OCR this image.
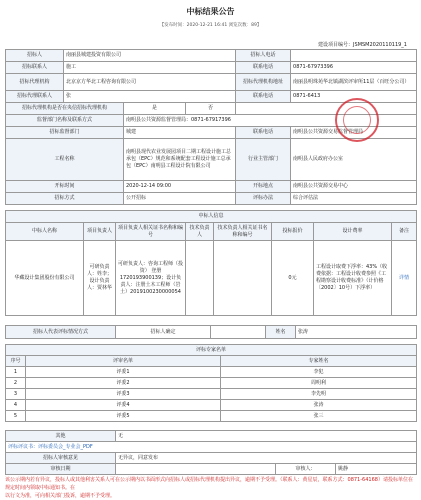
中标结果公告
【发布时间：2020-12-21 16:41 浏览次数：89】
建设项目编号：JSMSM2020110119_1
招标人	南丽县城建投资有限公司			招标人电话	
招标联系人	施工			联系电话	0871-67973396
招标代理机构	北京京方华北工程咨询有限公司			招标代理机构地址	南丽县明珠苑华北镇湖滨评审所11层（百旺分公司）
招标代理联系人	张			联系电话	0871-6413
招标代理机构是否在央信招标代理机构		是	否		
监督部门名称及联系方式		南明县公共资源监督管理局：0871-67917396			
招标监督部门		城建		联系电话	南明县公共资源交易监督管理局
工程名称		南明县现代农业发展园项目二期工程设计施工总承包（EPC）规范和系统配套工程设计施工总承包（EPC）南明县工程设计院有限公司		行业主管部门	南明县人民政府办公室
开标时间		2020-12-14 09:00		开标地点	南明县公共资源交易中心
招标方式		公开招标		评标办法	综合评估法
中标人信息							
中标人名称	项目负责人	项目负责人相关证书名称和编号	技术负责人	技术负责人相关证书名称和编号	投标报价	设计费率	备注
华藏设计集团股份有限公司	可研负责人：姓李；设计负责人：贾林华	可研负责人：咨询工程师（投资） 登册1720193900139；设计负责人：注册土木工程师（岩土）2019100230000054			0元	工程设计取费下浮率：43%（收费依据：工程设计收费参照《工程勘察设计收费标准》（计价格〔2002〕10号）下浮率）	详情
招标人代表评标情况方式	招标人确定		姓名	张涛
评标专家名单		
序号	评审名单	专家姓名
1	评委1	李犯
2	评委2	周明利
3	评委3	李先明
4	评委4	张涛
5	评委5	张三
其他	无		
评标评议书：评标委员会_专业会_PDF			
招标人审核意见	无异议，同意发布		
审核日期		审核人：	姚静
该公示期内若有异议，投标人或其他利害关系人可在公示期内以书面形式向招标人或招标代理机构提出异议，逾期不予受理。（联系人：黄星辰，联系方式：0871-64168）请投标单位在规定时间内领取中标通知书。在
以行文为准，可向相关部门投诉，逾期不予受理。
